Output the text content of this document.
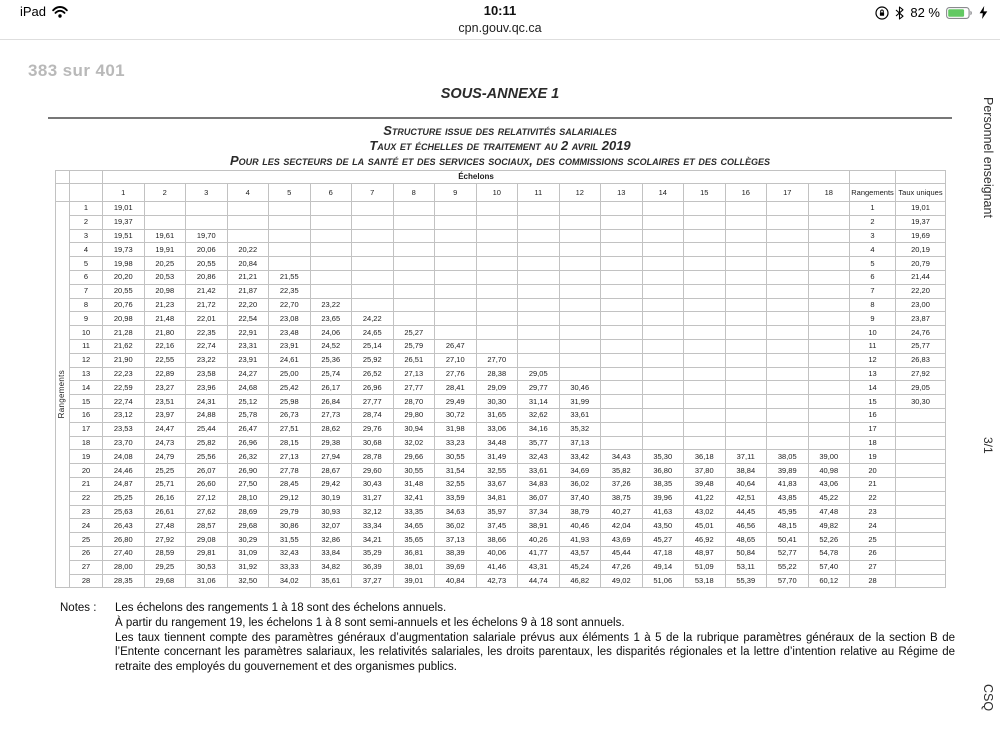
iPad	10:11
cpn.gouv.qc.ca
82 %
383 sur 401
SOUS-ANNEXE 1
Structure issue des relativités salariales
Taux et échelles de traitement au 2 avril 2019
Pour les secteurs de la santé et des services sociaux, des commissions scolaires et des collèges
		Échelons																			
		1	2	3	4	5	6	7	8	9	10	11	12	13	14	15	16	17	18	Rangements	Taux uniques

Rangements	1	19,01																		1	19,01
	2	19,37																		2	19,37
	3	19,51	19,61	19,70																3	19,69
	4	19,73	19,91	20,06	20,22															4	20,19
	5	19,98	20,25	20,55	20,84															5	20,79
	6	20,20	20,53	20,86	21,21	21,55														6	21,44
	7	20,55	20,98	21,42	21,87	22,35														7	22,20
	8	20,76	21,23	21,72	22,20	22,70	23,22													8	23,00
	9	20,98	21,48	22,01	22,54	23,08	23,65	24,22												9	23,87
	10	21,28	21,80	22,35	22,91	23,48	24,06	24,65	25,27											10	24,76
	11	21,62	22,16	22,74	23,31	23,91	24,52	25,14	25,79	26,47										11	25,77
	12	21,90	22,55	23,22	23,91	24,61	25,36	25,92	26,51	27,10	27,70									12	26,83
	13	22,23	22,89	23,58	24,27	25,00	25,74	26,52	27,13	27,76	28,38	29,05								13	27,92
	14	22,59	23,27	23,96	24,68	25,42	26,17	26,96	27,77	28,41	29,09	29,77	30,46							14	29,05
	15	22,74	23,51	24,31	25,12	25,98	26,84	27,77	28,70	29,49	30,30	31,14	31,99							15	30,30
	16	23,12	23,97	24,88	25,78	26,73	27,73	28,74	29,80	30,72	31,65	32,62	33,61							16	
	17	23,53	24,47	25,44	26,47	27,51	28,62	29,76	30,94	31,98	33,06	34,16	35,32							17	
	18	23,70	24,73	25,82	26,96	28,15	29,38	30,68	32,02	33,23	34,48	35,77	37,13							18	
	19	24,08	24,79	25,56	26,32	27,13	27,94	28,78	29,66	30,55	31,49	32,43	33,42	34,43	35,30	36,18	37,11	38,05	39,00	19	
	20	24,46	25,25	26,07	26,90	27,78	28,67	29,60	30,55	31,54	32,55	33,61	34,69	35,82	36,80	37,80	38,84	39,89	40,98	20	
	21	24,87	25,71	26,60	27,50	28,45	29,42	30,43	31,48	32,55	33,67	34,83	36,02	37,26	38,35	39,48	40,64	41,83	43,06	21	
	22	25,25	26,16	27,12	28,10	29,12	30,19	31,27	32,41	33,59	34,81	36,07	37,40	38,75	39,96	41,22	42,51	43,85	45,22	22	
	23	25,63	26,61	27,62	28,69	29,79	30,93	32,12	33,35	34,63	35,97	37,34	38,79	40,27	41,63	43,02	44,45	45,95	47,48	23	
	24	26,43	27,48	28,57	29,68	30,86	32,07	33,34	34,65	36,02	37,45	38,91	40,46	42,04	43,50	45,01	46,56	48,15	49,82	24	
	25	26,80	27,92	29,08	30,29	31,55	32,86	34,21	35,65	37,13	38,66	40,26	41,93	43,69	45,27	46,92	48,65	50,41	52,26	25	
	26	27,40	28,59	29,81	31,09	32,43	33,84	35,29	36,81	38,39	40,06	41,77	43,57	45,44	47,18	48,97	50,84	52,77	54,78	26	
	27	28,00	29,25	30,53	31,92	33,33	34,82	36,39	38,01	39,69	41,46	43,31	45,24	47,26	49,14	51,09	53,11	55,22	57,40	27	
	28	28,35	29,68	31,06	32,50	34,02	35,61	37,27	39,01	40,84	42,73	44,74	46,82	49,02	51,06	53,18	55,39	57,70	60,12	28	
Notes : Les échelons des rangements 1 à 18 sont des échelons annuels.
À partir du rangement 19, les échelons 1 à 8 sont semi-annuels et les échelons 9 à 18 sont annuels.
Les taux tiennent compte des paramètres généraux d’augmentation salariale prévus aux éléments 1 à 5 de la rubrique paramètres généraux de la section B de l’Entente concernant les paramètres salariaux, les relativités salariales, les droits parentaux, les disparités régionales et la lettre d’intention relative au Régime de retraite des employés du gouvernement et des organismes publics.
Personnel enseignant
3/1
CSQ
